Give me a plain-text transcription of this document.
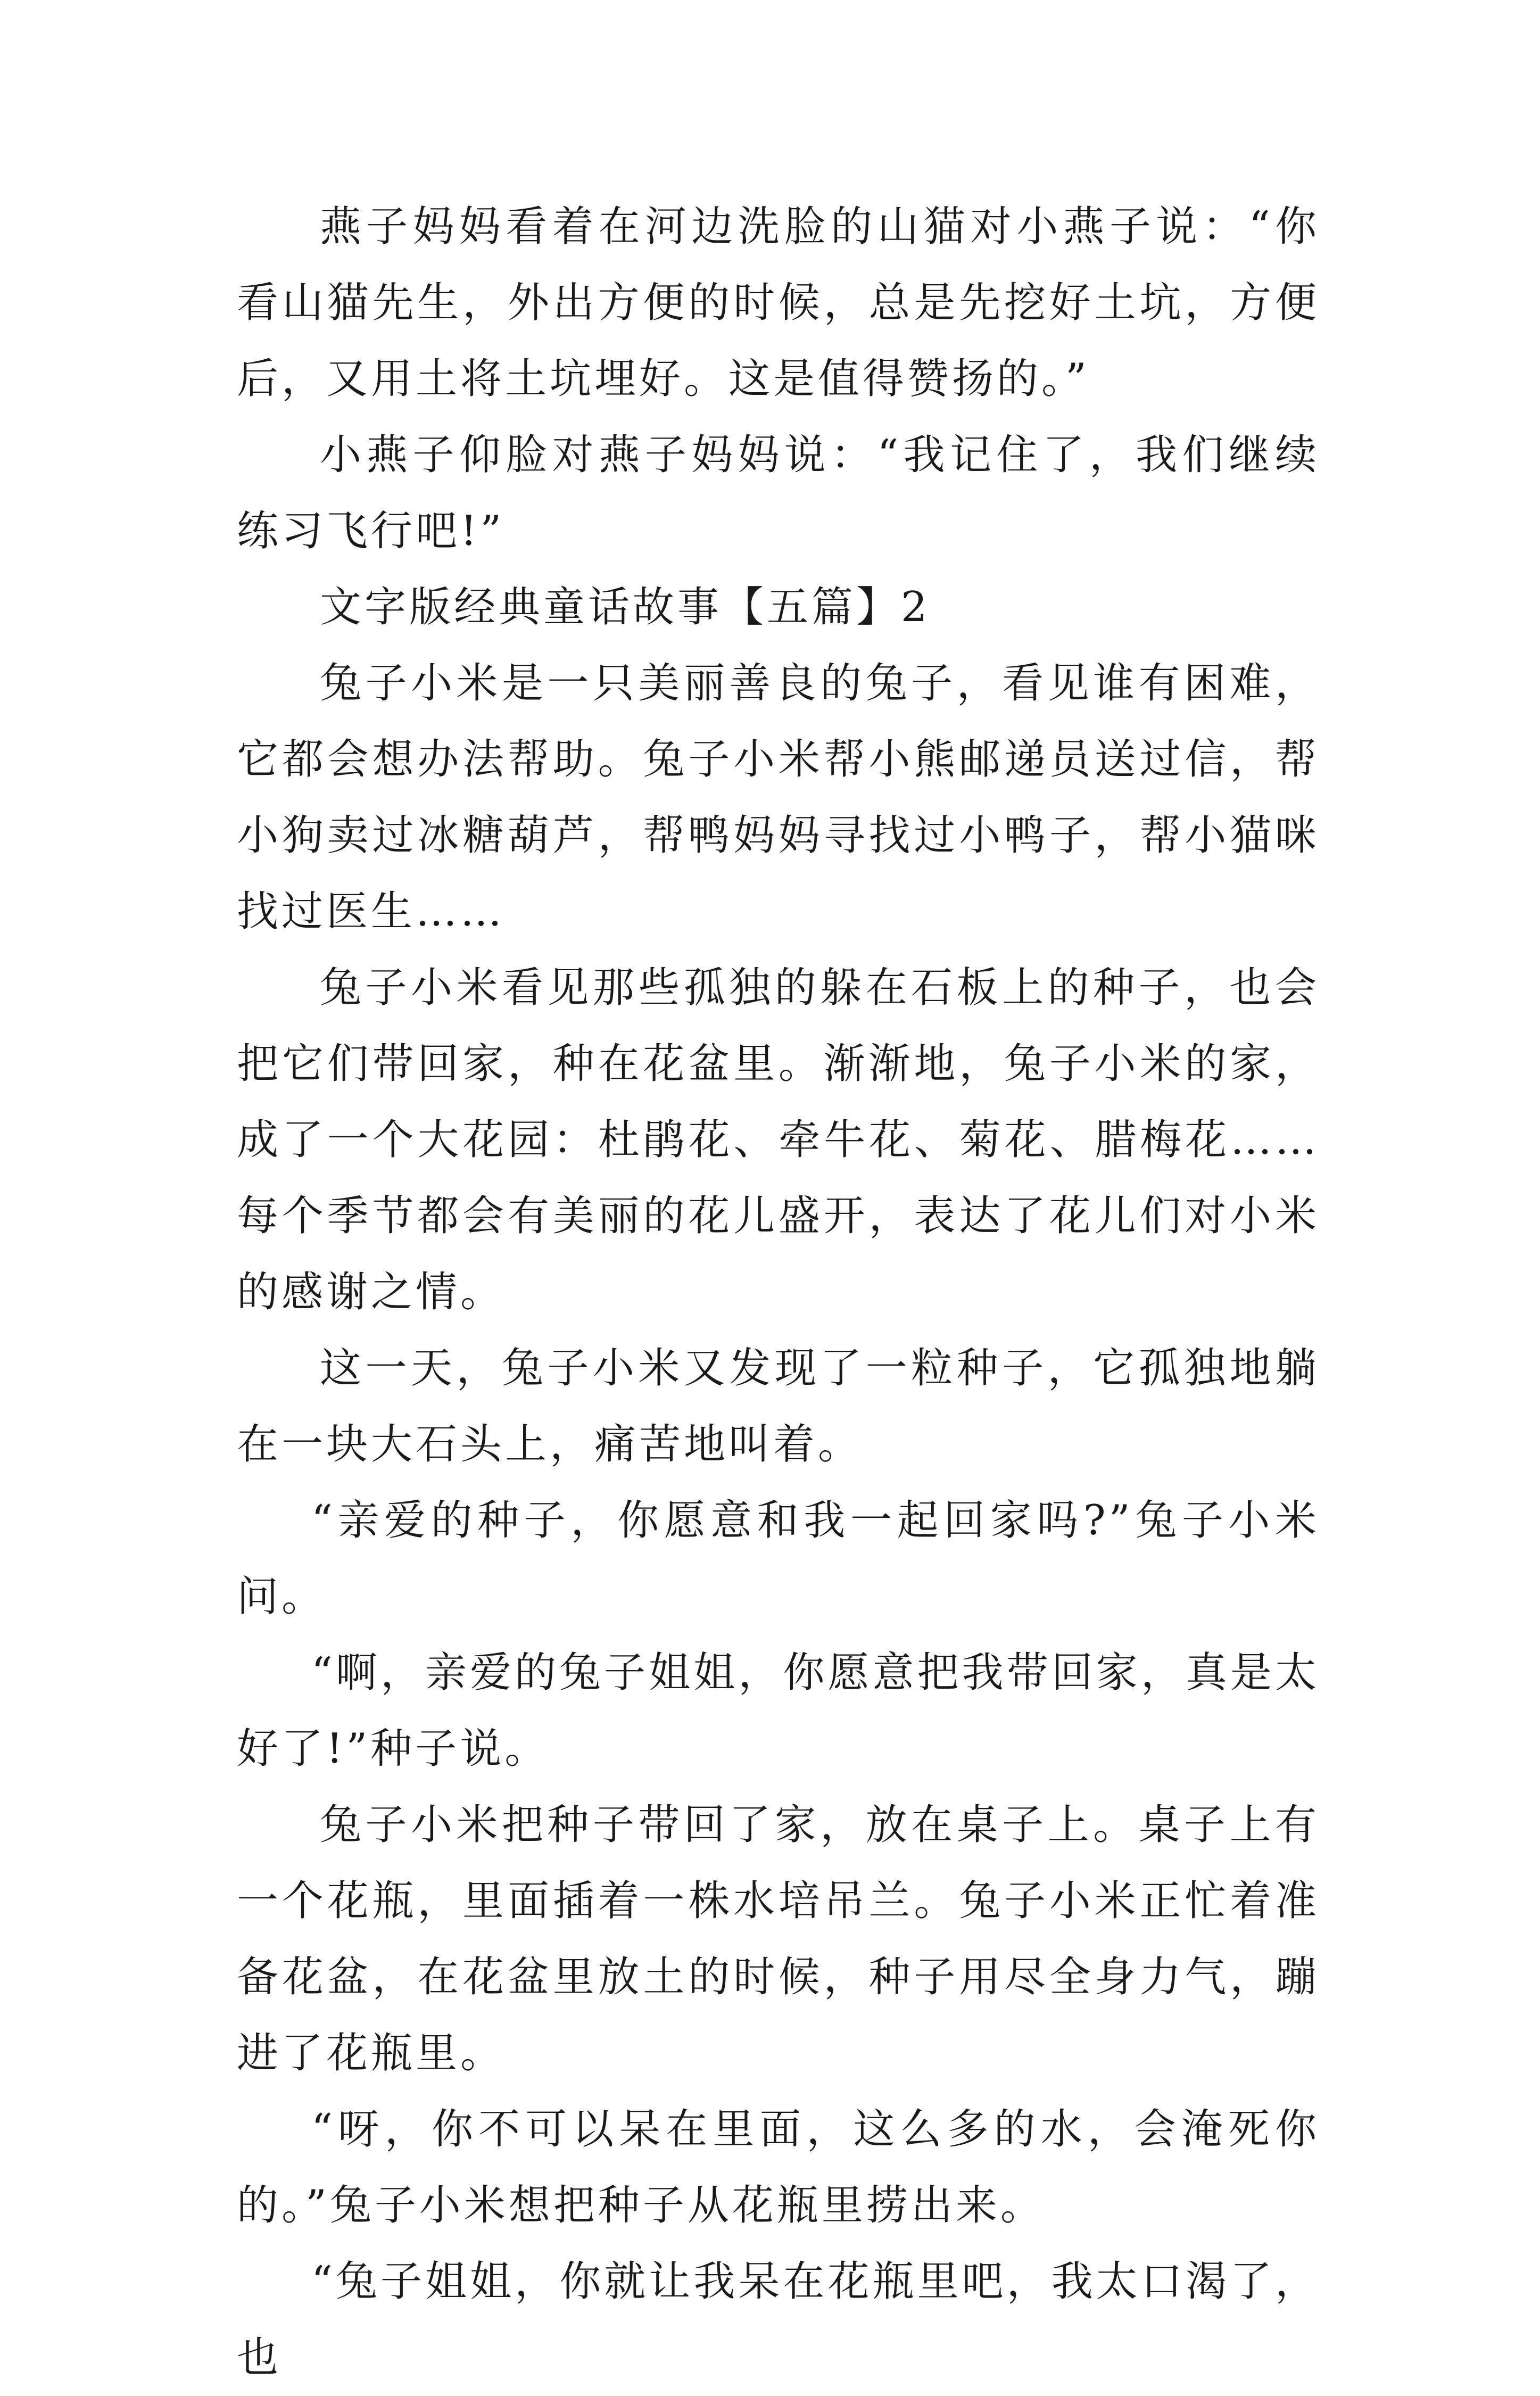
燕子妈妈看着在河边洗脸的山猫对小燕子说：“你看山猫先生，外出方便的时候，总是先挖好土坑，方便后，又用土将土坑埋好。这是值得赞扬的。”

小燕子仰脸对燕子妈妈说：“我记住了，我们继续练习飞行吧!”

文字版经典童话故事【五篇】2

兔子小米是一只美丽善良的兔子，看见谁有困难，它都会想办法帮助。兔子小米帮小熊邮递员送过信，帮小狗卖过冰糖葫芦，帮鸭妈妈寻找过小鸭子，帮小猫咪找过医生……

兔子小米看见那些孤独的躲在石板上的种子，也会把它们带回家，种在花盆里。渐渐地，兔子小米的家，成了一个大花园：杜鹃花、牵牛花、菊花、腊梅花……每个季节都会有美丽的花儿盛开，表达了花儿们对小米的感谢之情。

这一天，兔子小米又发现了一粒种子，它孤独地躺在一块大石头上，痛苦地叫着。

“亲爱的种子，你愿意和我一起回家吗?”兔子小米问。

“啊，亲爱的兔子姐姐，你愿意把我带回家，真是太好了!”种子说。

兔子小米把种子带回了家，放在桌子上。桌子上有一个花瓶，里面插着一株水培吊兰。兔子小米正忙着准备花盆，在花盆里放土的时候，种子用尽全身力气，蹦进了花瓶里。

“呀，你不可以呆在里面，这么多的水，会淹死你的。”兔子小米想把种子从花瓶里捞出来。

“兔子姐姐，你就让我呆在花瓶里吧，我太口渴了，也
